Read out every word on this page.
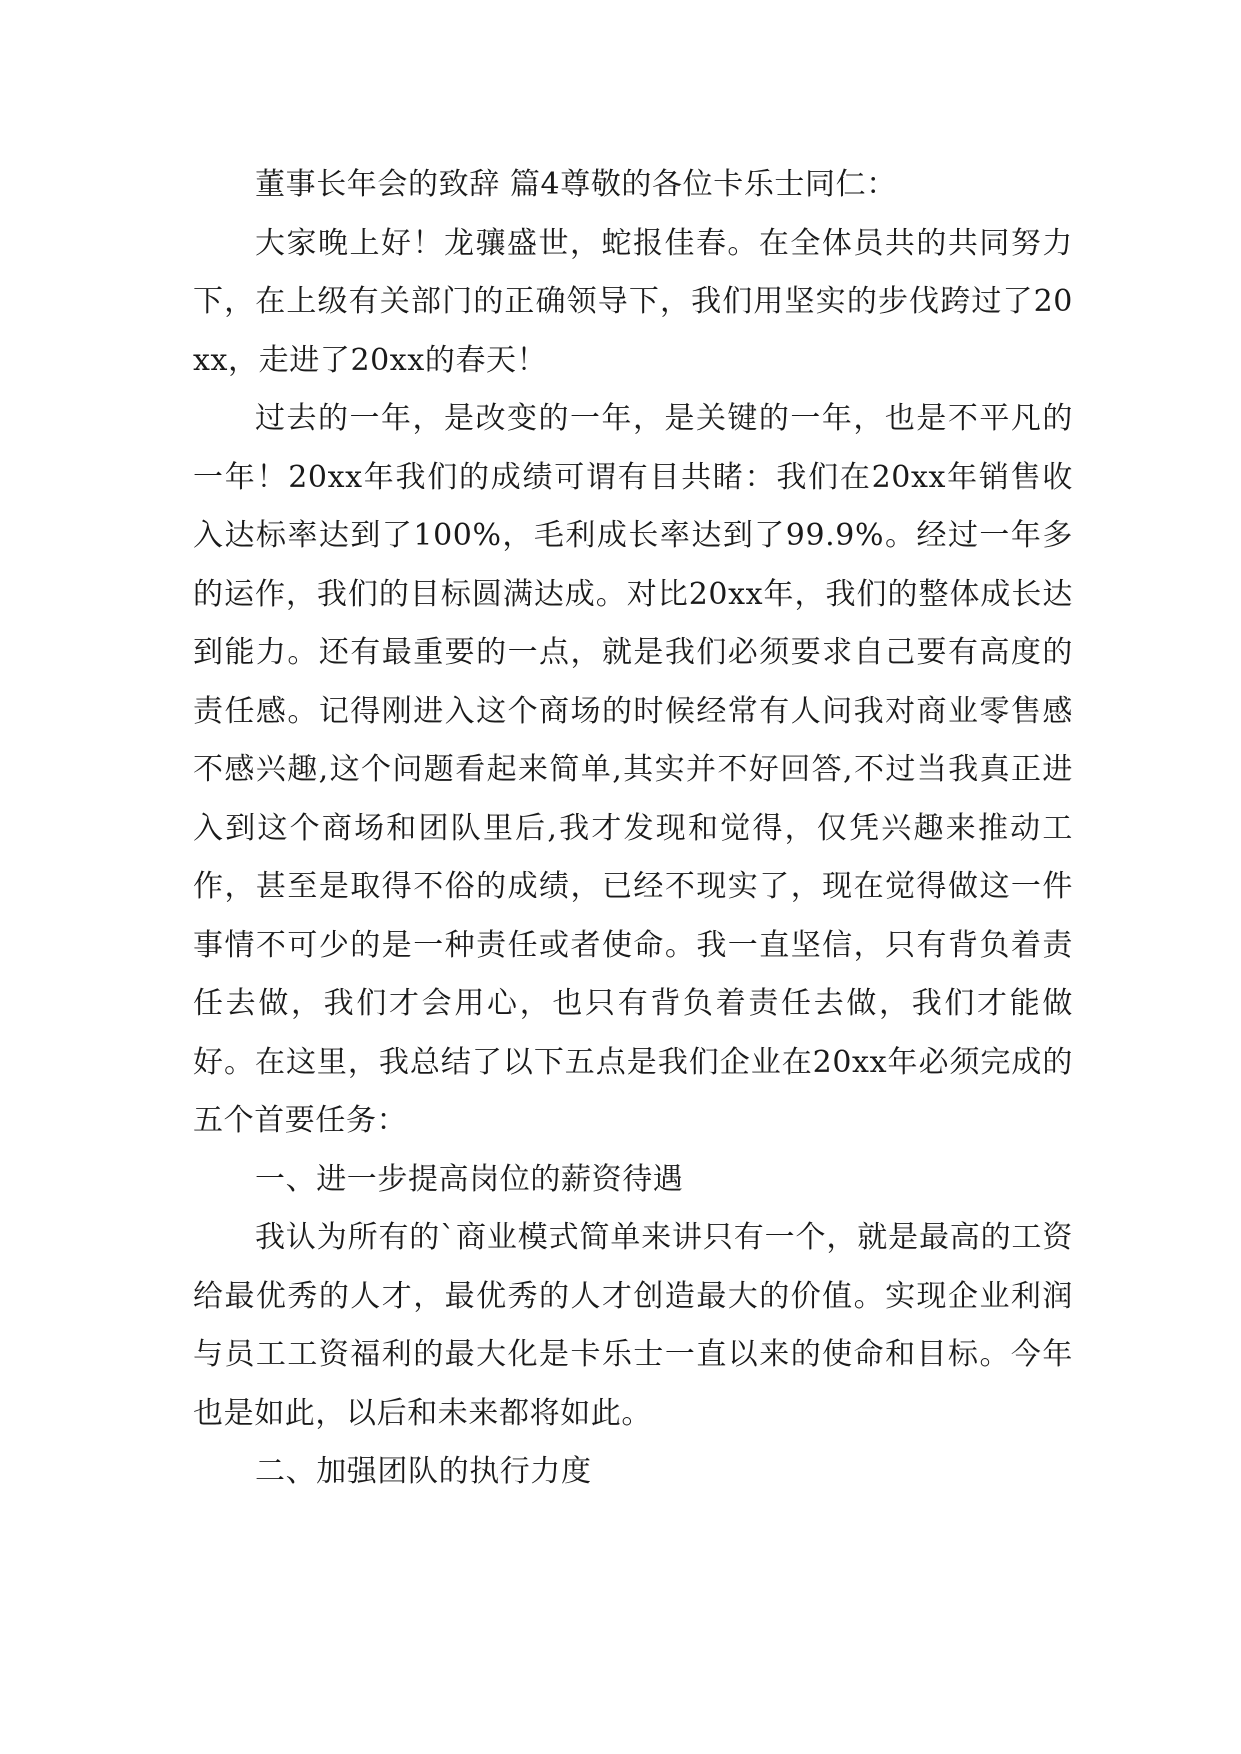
董事长年会的致辞 篇4尊敬的各位卡乐士同仁：

大家晚上好！龙骧盛世，蛇报佳春。在全体员共的共同努力下，在上级有关部门的正确领导下，我们用坚实的步伐跨过了20xx，走进了20xx的春天！

过去的一年，是改变的一年，是关键的一年，也是不平凡的一年！20xx年我们的成绩可谓有目共睹：我们在20xx年销售收入达标率达到了100%，毛利成长率达到了99.9%。经过一年多的运作，我们的目标圆满达成。对比20xx年，我们的整体成长达到能力。还有最重要的一点，就是我们必须要求自己要有高度的责任感。记得刚进入这个商场的时候经常有人问我对商业零售感不感兴趣,这个问题看起来简单,其实并不好回答,不过当我真正进入到这个商场和团队里后,我才发现和觉得，仅凭兴趣来推动工作，甚至是取得不俗的成绩，已经不现实了，现在觉得做这一件事情不可少的是一种责任或者使命。我一直坚信，只有背负着责任去做，我们才会用心，也只有背负着责任去做，我们才能做好。在这里，我总结了以下五点是我们企业在20xx年必须完成的五个首要任务：

一、进一步提高岗位的薪资待遇

我认为所有的`商业模式简单来讲只有一个，就是最高的工资给最优秀的人才，最优秀的人才创造最大的价值。实现企业利润与员工工资福利的最大化是卡乐士一直以来的使命和目标。今年也是如此，以后和未来都将如此。

二、加强团队的执行力度
